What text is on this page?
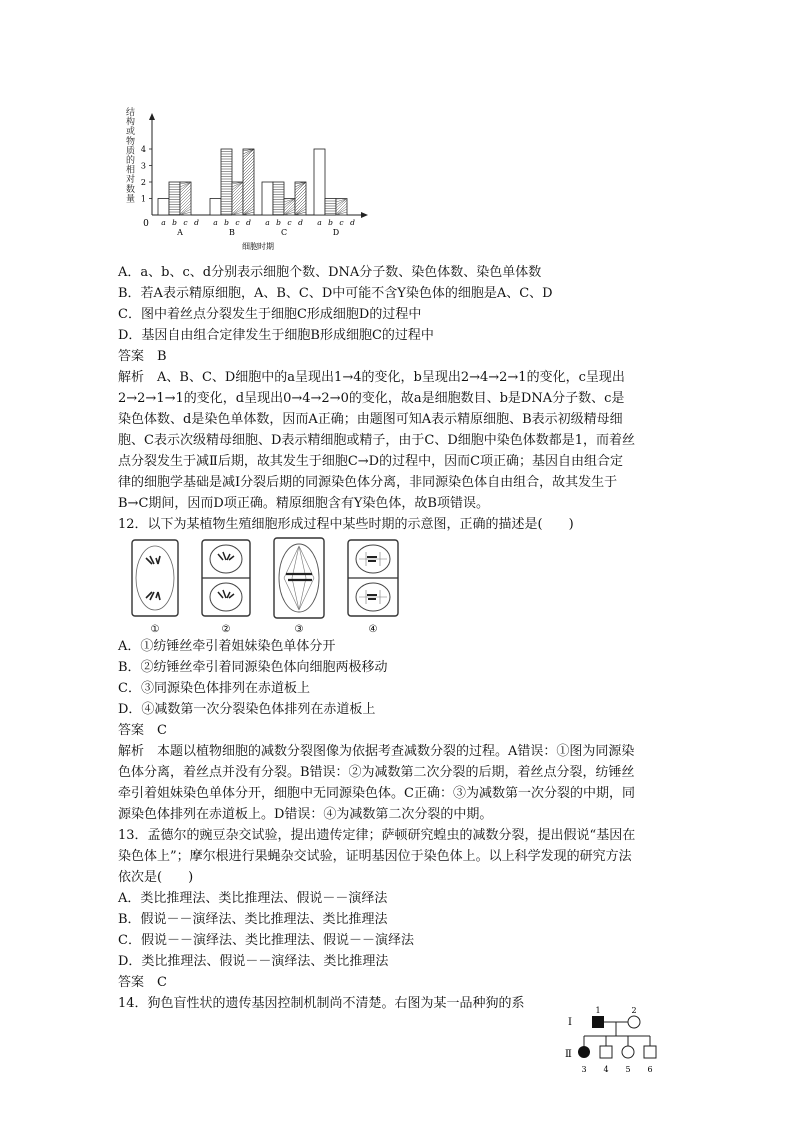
结构或物质的相对数量
0
1
2
3
4
a b c d
A
a b c d
B
a b c d
C
a b c d
D
细胞时期
A．a、b、c、d分别表示细胞个数、DNA分子数、染色体数、染色单体数
B．若A表示精原细胞，A、B、C、D中可能不含Y染色体的细胞是A、C、D
C．图中着丝点分裂发生于细胞C形成细胞D的过程中
D．基因自由组合定律发生于细胞B形成细胞C的过程中
答案　B
解析　A、B、C、D细胞中的a呈现出1→4的变化，b呈现出2→4→2→1的变化，c呈现出
2→2→1→1的变化，d呈现出0→4→2→0的变化，故a是细胞数目、b是DNA分子数、c是
染色体数、d是染色单体数，因而A正确；由题图可知A表示精原细胞、B表示初级精母细
胞、C表示次级精母细胞、D表示精细胞或精子，由于C、D细胞中染色体数都是1，而着丝
点分裂发生于减Ⅱ后期，故其发生于细胞C→D的过程中，因而C项正确；基因自由组合定
律的细胞学基础是减Ⅰ分裂后期的同源染色体分离，非同源染色体自由组合，故其发生于
B→C期间，因而D项正确。精原细胞含有Y染色体，故B项错误。
12．以下为某植物生殖细胞形成过程中某些时期的示意图，正确的描述是(　　)
①	②	③	④
A．①纺锤丝牵引着姐妹染色单体分开
B．②纺锤丝牵引着同源染色体向细胞两极移动
C．③同源染色体排列在赤道板上
D．④减数第一次分裂染色体排列在赤道板上
答案　C
解析　本题以植物细胞的减数分裂图像为依据考查减数分裂的过程。A错误：①图为同源染
色体分离，着丝点并没有分裂。B错误：②为减数第二次分裂的后期，着丝点分裂，纺锤丝
牵引着姐妹染色单体分开，细胞中无同源染色体。C正确：③为减数第一次分裂的中期，同
源染色体排列在赤道板上。D错误：④为减数第二次分裂的中期。
13．孟德尔的豌豆杂交试验，提出遗传定律；萨顿研究蝗虫的减数分裂，提出假说“基因在
染色体上”；摩尔根进行果蝇杂交试验，证明基因位于染色体上。以上科学发现的研究方法
依次是(　　)
A．类比推理法、类比推理法、假说－－演绎法
B．假说－－演绎法、类比推理法、类比推理法
C．假说－－演绎法、类比推理法、假说－－演绎法
D．类比推理法、假说－－演绎法、类比推理法
答案　C
14．狗色盲性状的遗传基因控制机制尚不清楚。右图为某一品种狗的系
Ⅰ
Ⅱ
1	2
3 4 5 6
